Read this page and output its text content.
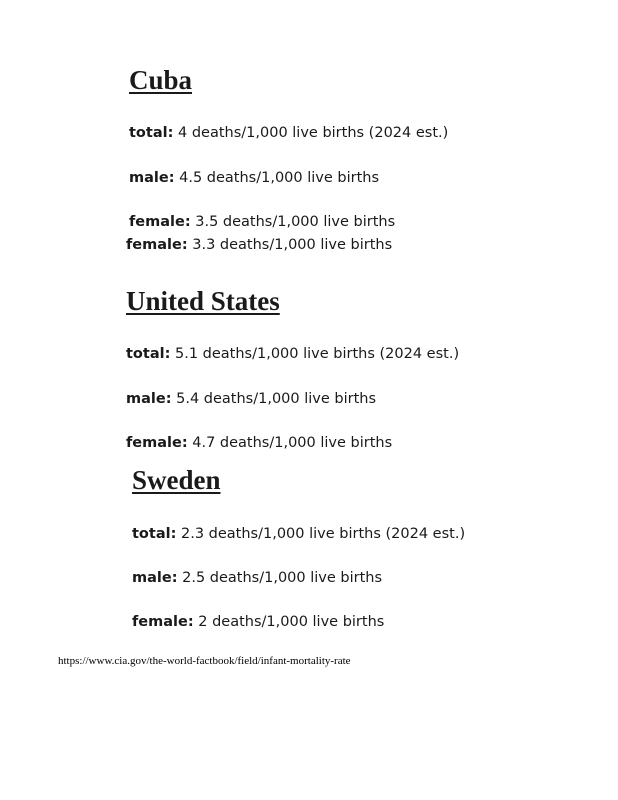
Cuba

total: 4 deaths/1,000 live births (2024 est.)

male: 4.5 deaths/1,000 live births

female: 3.5 deaths/1,000 live births

female: 3.3 deaths/1,000 live births

United States

total: 5.1 deaths/1,000 live births (2024 est.)

male: 5.4 deaths/1,000 live births

female: 4.7 deaths/1,000 live births

Sweden

total: 2.3 deaths/1,000 live births (2024 est.)

male: 2.5 deaths/1,000 live births

female: 2 deaths/1,000 live births

https://www.cia.gov/the-world-factbook/field/infant-mortality-rate
